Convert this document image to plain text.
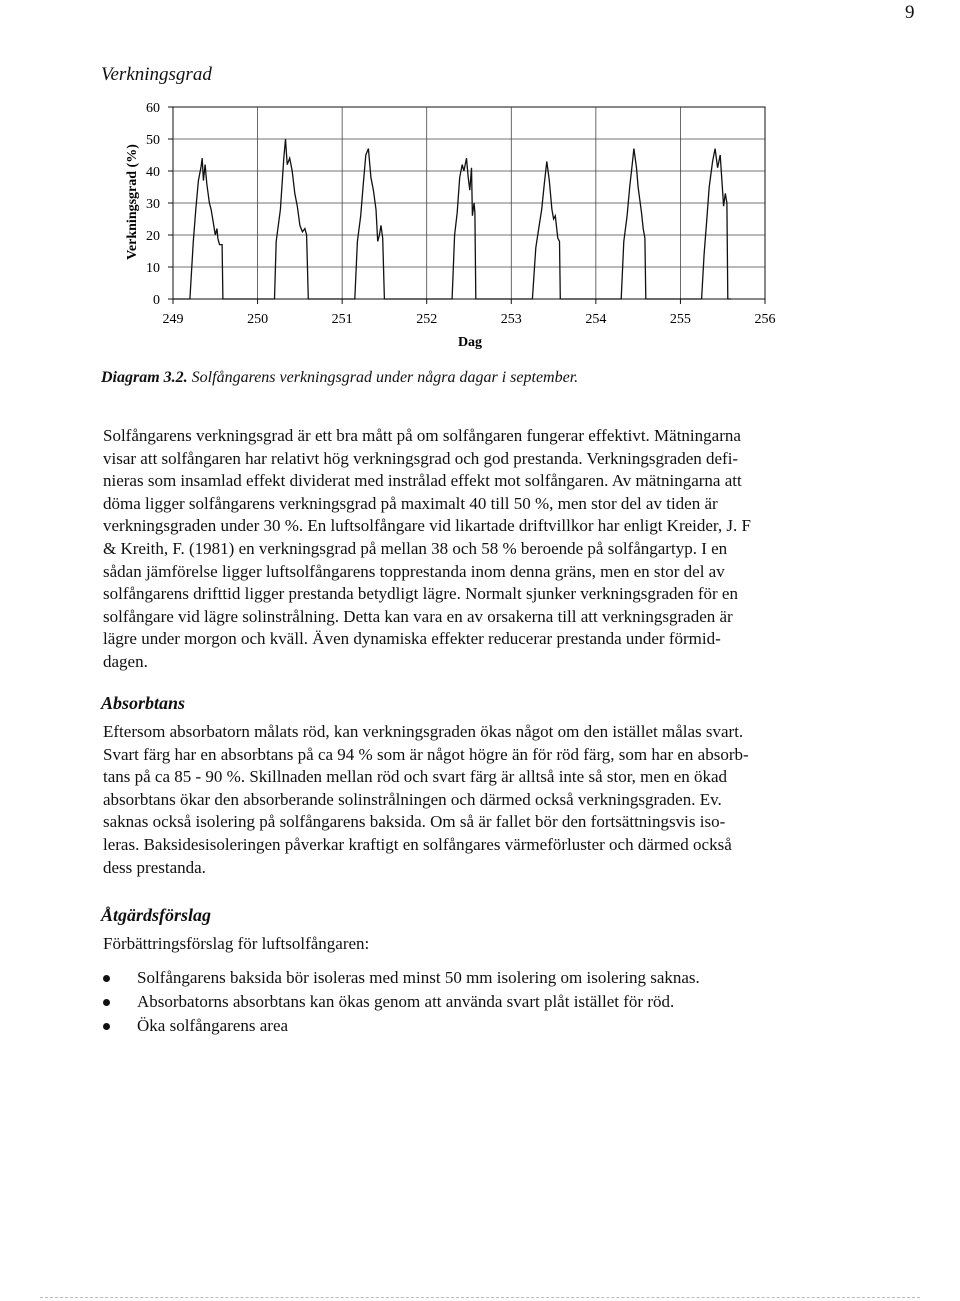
9
Verkningsgrad
0
10
20
30
40
50
60
249	250	251	252	253	254	255	256
Verkningsgrad (%)
Dag
Diagram 3.2. Solfångarens verkningsgrad under några dagar i september.
Solfångarens verkningsgrad är ett bra mått på om solfångaren fungerar effektivt. Mätningarna
visar att solfångaren har relativt hög verkningsgrad och god prestanda. Verkningsgraden defi-
nieras som insamlad effekt dividerat med instrålad effekt mot solfångaren. Av mätningarna att
döma ligger solfångarens verkningsgrad på maximalt 40 till 50 %, men stor del av tiden är
verkningsgraden under 30 %. En luftsolfångare vid likartade driftvillkor har enligt Kreider, J. F
& Kreith, F. (1981) en verkningsgrad på mellan 38 och 58 % beroende på solfångartyp. I en
sådan jämförelse ligger luftsolfångarens topprestanda inom denna gräns, men en stor del av
solfångarens drifttid ligger prestanda betydligt lägre. Normalt sjunker verkningsgraden för en
solfångare vid lägre solinstrålning. Detta kan vara en av orsakerna till att verkningsgraden är
lägre under morgon och kväll. Även dynamiska effekter reducerar prestanda under förmid-
dagen.
Absorbtans
Eftersom absorbatorn målats röd, kan verkningsgraden ökas något om den istället målas svart.
Svart färg har en absorbtans på ca 94 % som är något högre än för röd färg, som har en absorb-
tans på ca 85 - 90 %. Skillnaden mellan röd och svart färg är alltså inte så stor, men en ökad
absorbtans ökar den absorberande solinstrålningen och därmed också verkningsgraden. Ev.
saknas också isolering på solfångarens baksida. Om så är fallet bör den fortsättningsvis iso-
leras. Baksidesisoleringen påverkar kraftigt en solfångares värmeförluster och därmed också
dess prestanda.
Åtgärdsförslag
Förbättringsförslag för luftsolfångaren:
Solfångarens baksida bör isoleras med minst 50 mm isolering om isolering saknas.
Absorbatorns absorbtans kan ökas genom att använda svart plåt istället för röd.
Öka solfångarens area
